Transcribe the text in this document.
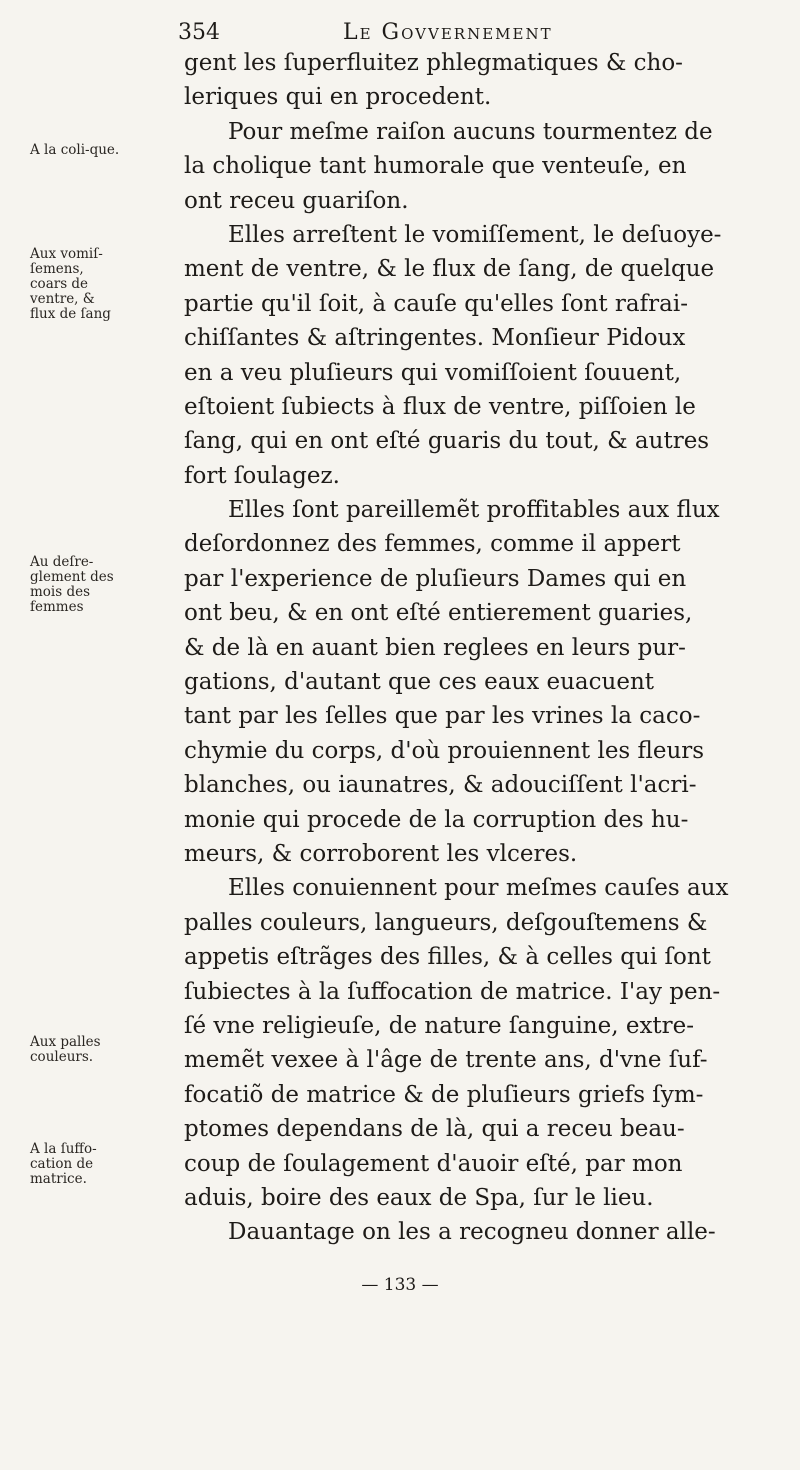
354	Le Govvernement
A la coli-que.
Aux vomiſ-ſemens, coars de ventre, & flux de ſang
Au deſre-glement des mois des femmes
Aux palles couleurs.
A la ſuffo-cation de matrice.
gent les ſuperfluitez phlegmatiques & cho-
leriques qui en procedent.
Pour meſme raiſon aucuns tourmentez de
la cholique tant humorale que venteuſe, en
ont receu guariſon.
Elles arreſtent le vomiſſement, le deſuoye-
ment de ventre, & le flux de ſang, de quelque
partie qu'il ſoit, à cauſe qu'elles ſont rafrai-
chiſſantes & aſtringentes. Monſieur Pidoux
en a veu pluſieurs qui vomiſſoient ſouuent,
eſtoient ſubiects à flux de ventre, piſſoien le
ſang, qui en ont eſté guaris du tout, & autres
fort ſoulagez.
Elles ſont pareillemẽt proffitables aux flux
deſordonnez des femmes, comme il appert
par l'experience de pluſieurs Dames qui en
ont beu, & en ont eſté entierement guaries,
& de là en auant bien reglees en leurs pur-
gations, d'autant que ces eaux euacuent
tant par les ſelles que par les vrines la caco-
chymie du corps, d'où prouiennent les fleurs
blanches, ou iaunatres, & adouciſſent l'acri-
monie qui procede de la corruption des hu-
meurs, & corroborent les vlceres.
Elles conuiennent pour meſmes cauſes aux
palles couleurs, langueurs, deſgouſtemens &
appetis eſtrãges des filles, & à celles qui ſont
ſubiectes à la ſuffocation de matrice. I'ay pen-
ſé vne religieuſe, de nature ſanguine, extre-
memẽt vexee à l'âge de trente ans, d'vne ſuf-
focatiõ de matrice & de pluſieurs griefs ſym-
ptomes dependans de là, qui a receu beau-
coup de ſoulagement d'auoir eſté, par mon
aduis, boire des eaux de Spa, ſur le lieu.
Dauantage on les a recogneu donner alle-
— 133 —
